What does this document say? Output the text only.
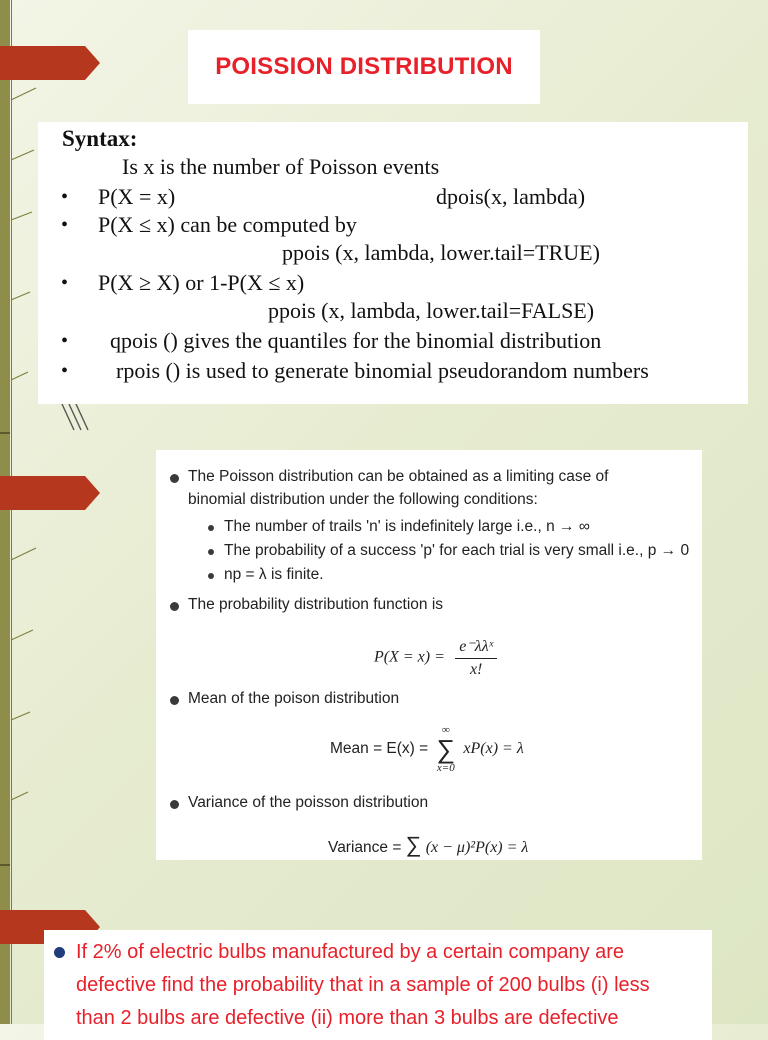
POISSION DISTRIBUTION
Syntax:
Is x is the number of Poisson events
• P(X = x)	dpois(x, lambda)
• P(X ≤ x) can be computed by
ppois (x, lambda, lower.tail=TRUE)
• P(X ≥ X) or 1-P(X ≤ x)
ppois (x, lambda, lower.tail=FALSE)
• qpois () gives the quantiles for the binomial distribution
• rpois () is used to generate binomial pseudorandom numbers
The Poisson distribution can be obtained as a limiting case of
binomial distribution under the following conditions:
The number of trails 'n' is indefinitely large i.e., n → ∞
The probability of a success 'p' for each trial is very small i.e., p → 0
np = λ is finite.
The probability distribution function is
$P(X = x) = \frac{\text{e⁻λλˣ}}{x!}$
Mean of the poison distribution
Mean = E(x) =
∞
∑
x=0
xP(x) = λ
Variance of the poisson distribution
Variance = ∑ (x − μ)²P(x) = λ
If 2% of electric bulbs manufactured by a certain company are
defective find the probability that in a sample of 200 bulbs (i) less
than 2 bulbs are defective (ii) more than 3 bulbs are defective
